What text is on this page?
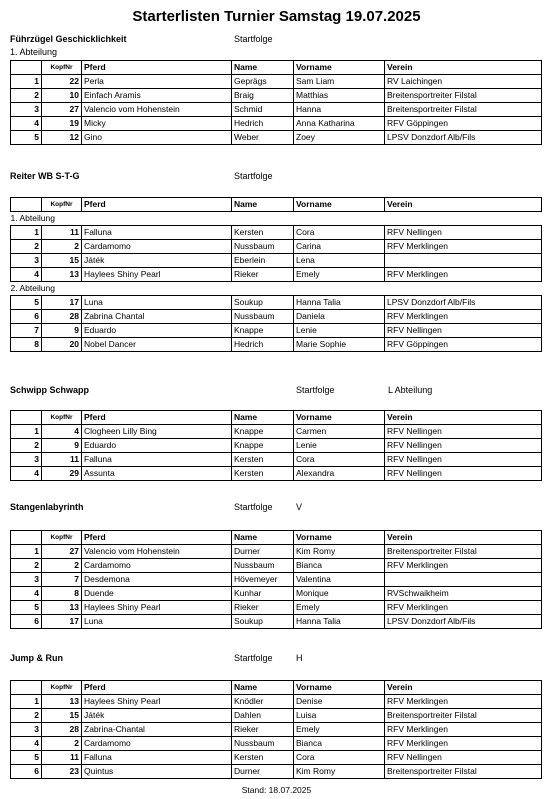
Starterlisten Turnier Samstag 19.07.2025
Führzügel Geschicklichkeit	Startfolge
1. Abteilung
	KopfNr	Pferd	Name	Vorname	Verein
1	22	Perla	Geprägs	Sam Liam	RV Laichingen
2	10	Einfach Aramis	Braig	Matthias	Breitensportreiter Filstal
3	27	Valencio vom Hohenstein	Schmid	Hanna	Breitensportreiter Filstal
4	19	Micky	Hedrich	Anna Katharina	RFV Göppingen
5	12	Gino	Weber	Zoey	LPSV Donzdorf Alb/Fils
Reiter WB S-T-G	Startfolge
	KopfNr	Pferd	Name	Vorname	Verein
1. Abteilung					
1	11	Falluna	Kersten	Cora	RFV Nellingen
2	2	Cardamomo	Nussbaum	Carina	RFV Merklingen
3	15	Játék	Eberlein	Lena	
4	13	Haylees Shiny Pearl	Rieker	Emely	RFV Merklingen
2. Abteilung					
5	17	Luna	Soukup	Hanna Talia	LPSV Donzdorf Alb/Fils
6	28	Zabrina Chantal	Nussbaum	Daniela	RFV Merklingen
7	9	Eduardo	Knappe	Lenie	RFV Nellingen
8	20	Nobel Dancer	Hedrich	Marie Sophie	RFV Göppingen
Schwipp Schwapp	Startfolge	L Abteilung
	KopfNr	Pferd	Name	Vorname	Verein
1	4	Clogheen Lilly Bing	Knappe	Carmen	RFV Nellingen
2	9	Eduardo	Knappe	Lenie	RFV Nellingen
3	11	Falluna	Kersten	Cora	RFV Nellingen
4	29	Assunta	Kersten	Alexandra	RFV Nellingen
Stangenlabyrinth	Startfolge	V
	KopfNr	Pferd	Name	Vorname	Verein
1	27	Valencio vom Hohenstein	Durner	Kim Romy	Breitensportreiter Filstal
2	2	Cardamomo	Nussbaum	Bianca	RFV Merklingen
3	7	Desdemona	Hövemeyer	Valentina	
4	8	Duende	Kunhar	Monique	RVSchwaikheim
5	13	Haylees Shiny Pearl	Rieker	Emely	RFV Merklingen
6	17	Luna	Soukup	Hanna Talia	LPSV Donzdorf Alb/Fils
Jump & Run	Startfolge	H
	KopfNr	Pferd	Name	Vorname	Verein
1	13	Haylees Shiny Pearl	Knödler	Denise	RFV Merklingen
2	15	Játék	Dahlen	Luisa	Breitensportreiter Filstal
3	28	Zabrina-Chantal	Rieker	Emely	RFV Merklingen
4	2	Cardamomo	Nussbaum	Bianca	RFV Merklingen
5	11	Falluna	Kersten	Cora	RFV Nellingen
6	23	Quintus	Durner	Kim Romy	Breitensportreiter Filstal
Stand: 18.07.2025
